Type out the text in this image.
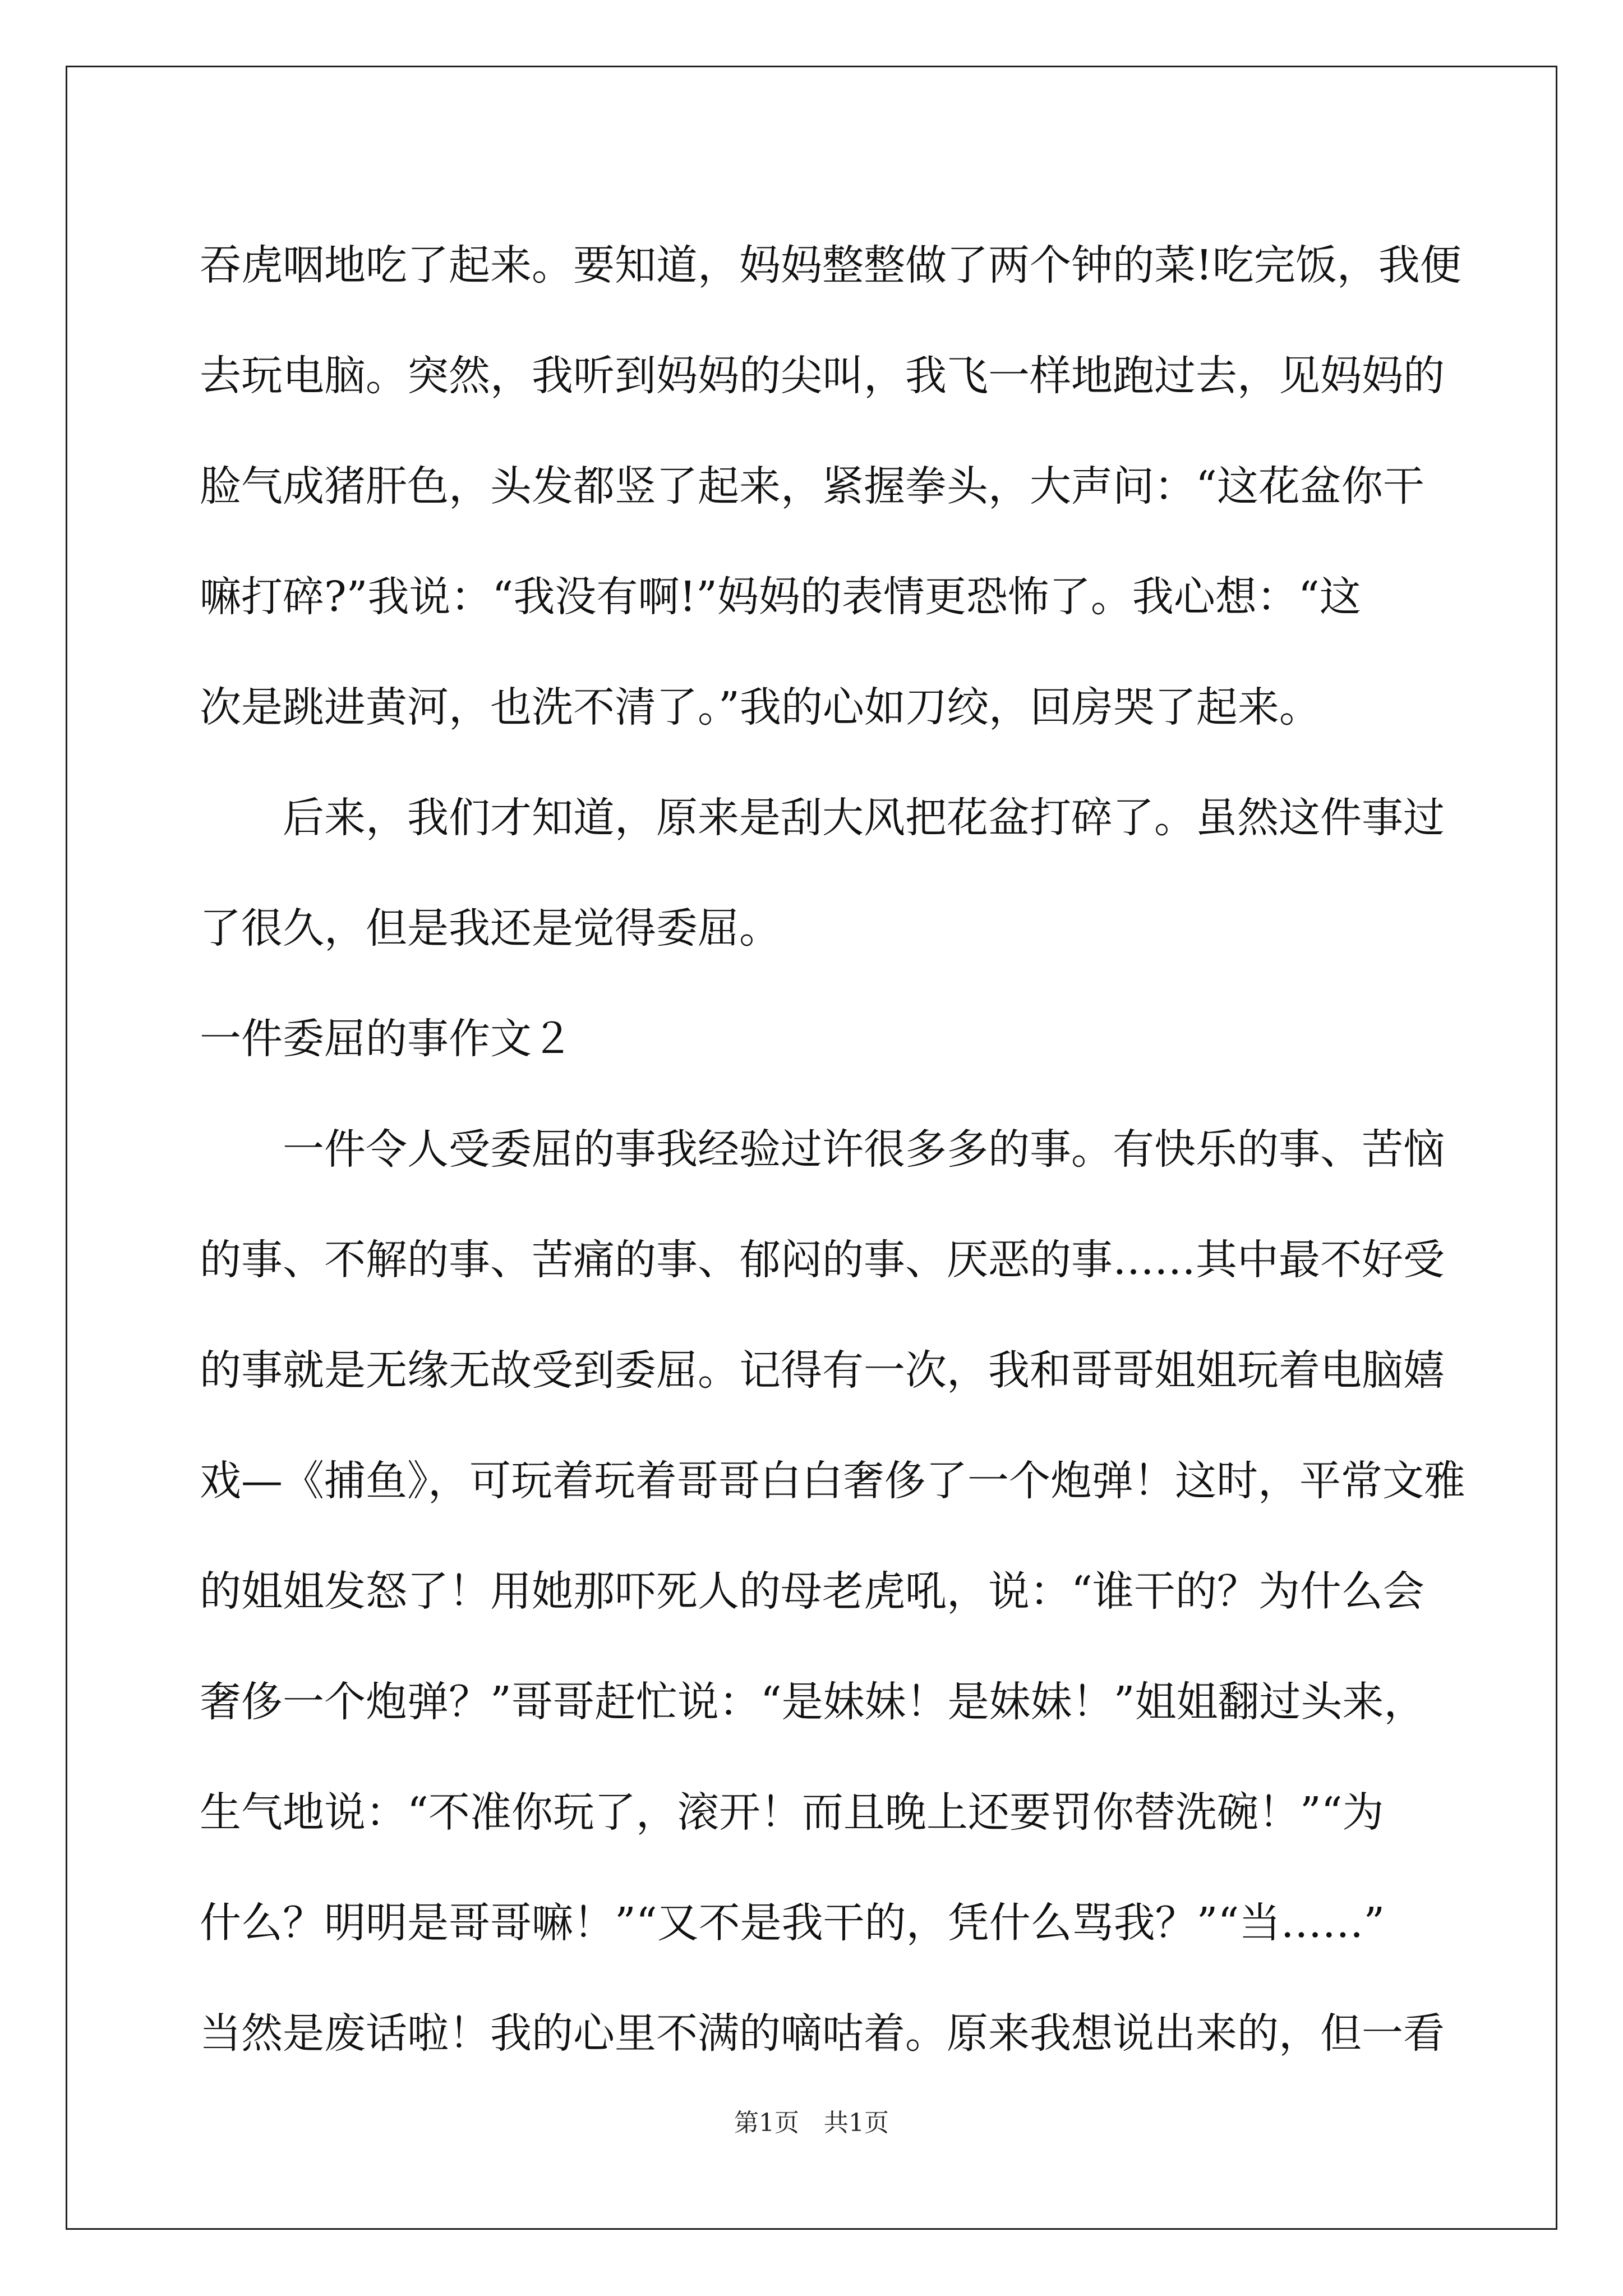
吞虎咽地吃了起来。要知道，妈妈整整做了两个钟的菜!吃完饭，我便
去玩电脑。突然，我听到妈妈的尖叫，我飞一样地跑过去，见妈妈的
脸气成猪肝色，头发都竖了起来，紧握拳头，大声问：“这花盆你干
嘛打碎?”我说：“我没有啊!”妈妈的表情更恐怖了。我心想：“这
次是跳进黄河，也洗不清了。”我的心如刀绞，回房哭了起来。
后来，我们才知道，原来是刮大风把花盆打碎了。虽然这件事过
了很久，但是我还是觉得委屈。
一件委屈的事作文２
一件令人受委屈的事我经验过许很多多的事。有快乐的事、苦恼
的事、不解的事、苦痛的事、郁闷的事、厌恶的事……其中最不好受
的事就是无缘无故受到委屈。记得有一次，我和哥哥姐姐玩着电脑嬉
戏—《捕鱼》，可玩着玩着哥哥白白奢侈了一个炮弹！这时，平常文雅
的姐姐发怒了！用她那吓死人的母老虎吼，说：“谁干的？为什么会
奢侈一个炮弹？”哥哥赶忙说：“是妹妹！是妹妹！”姐姐翻过头来，
生气地说：“不准你玩了，滚开！而且晚上还要罚你替洗碗！”“为
什么？明明是哥哥嘛！”“又不是我干的，凭什么骂我？”“当……”
当然是废话啦！我的心里不满的嘀咕着。原来我想说出来的，但一看
第1页　共1页
